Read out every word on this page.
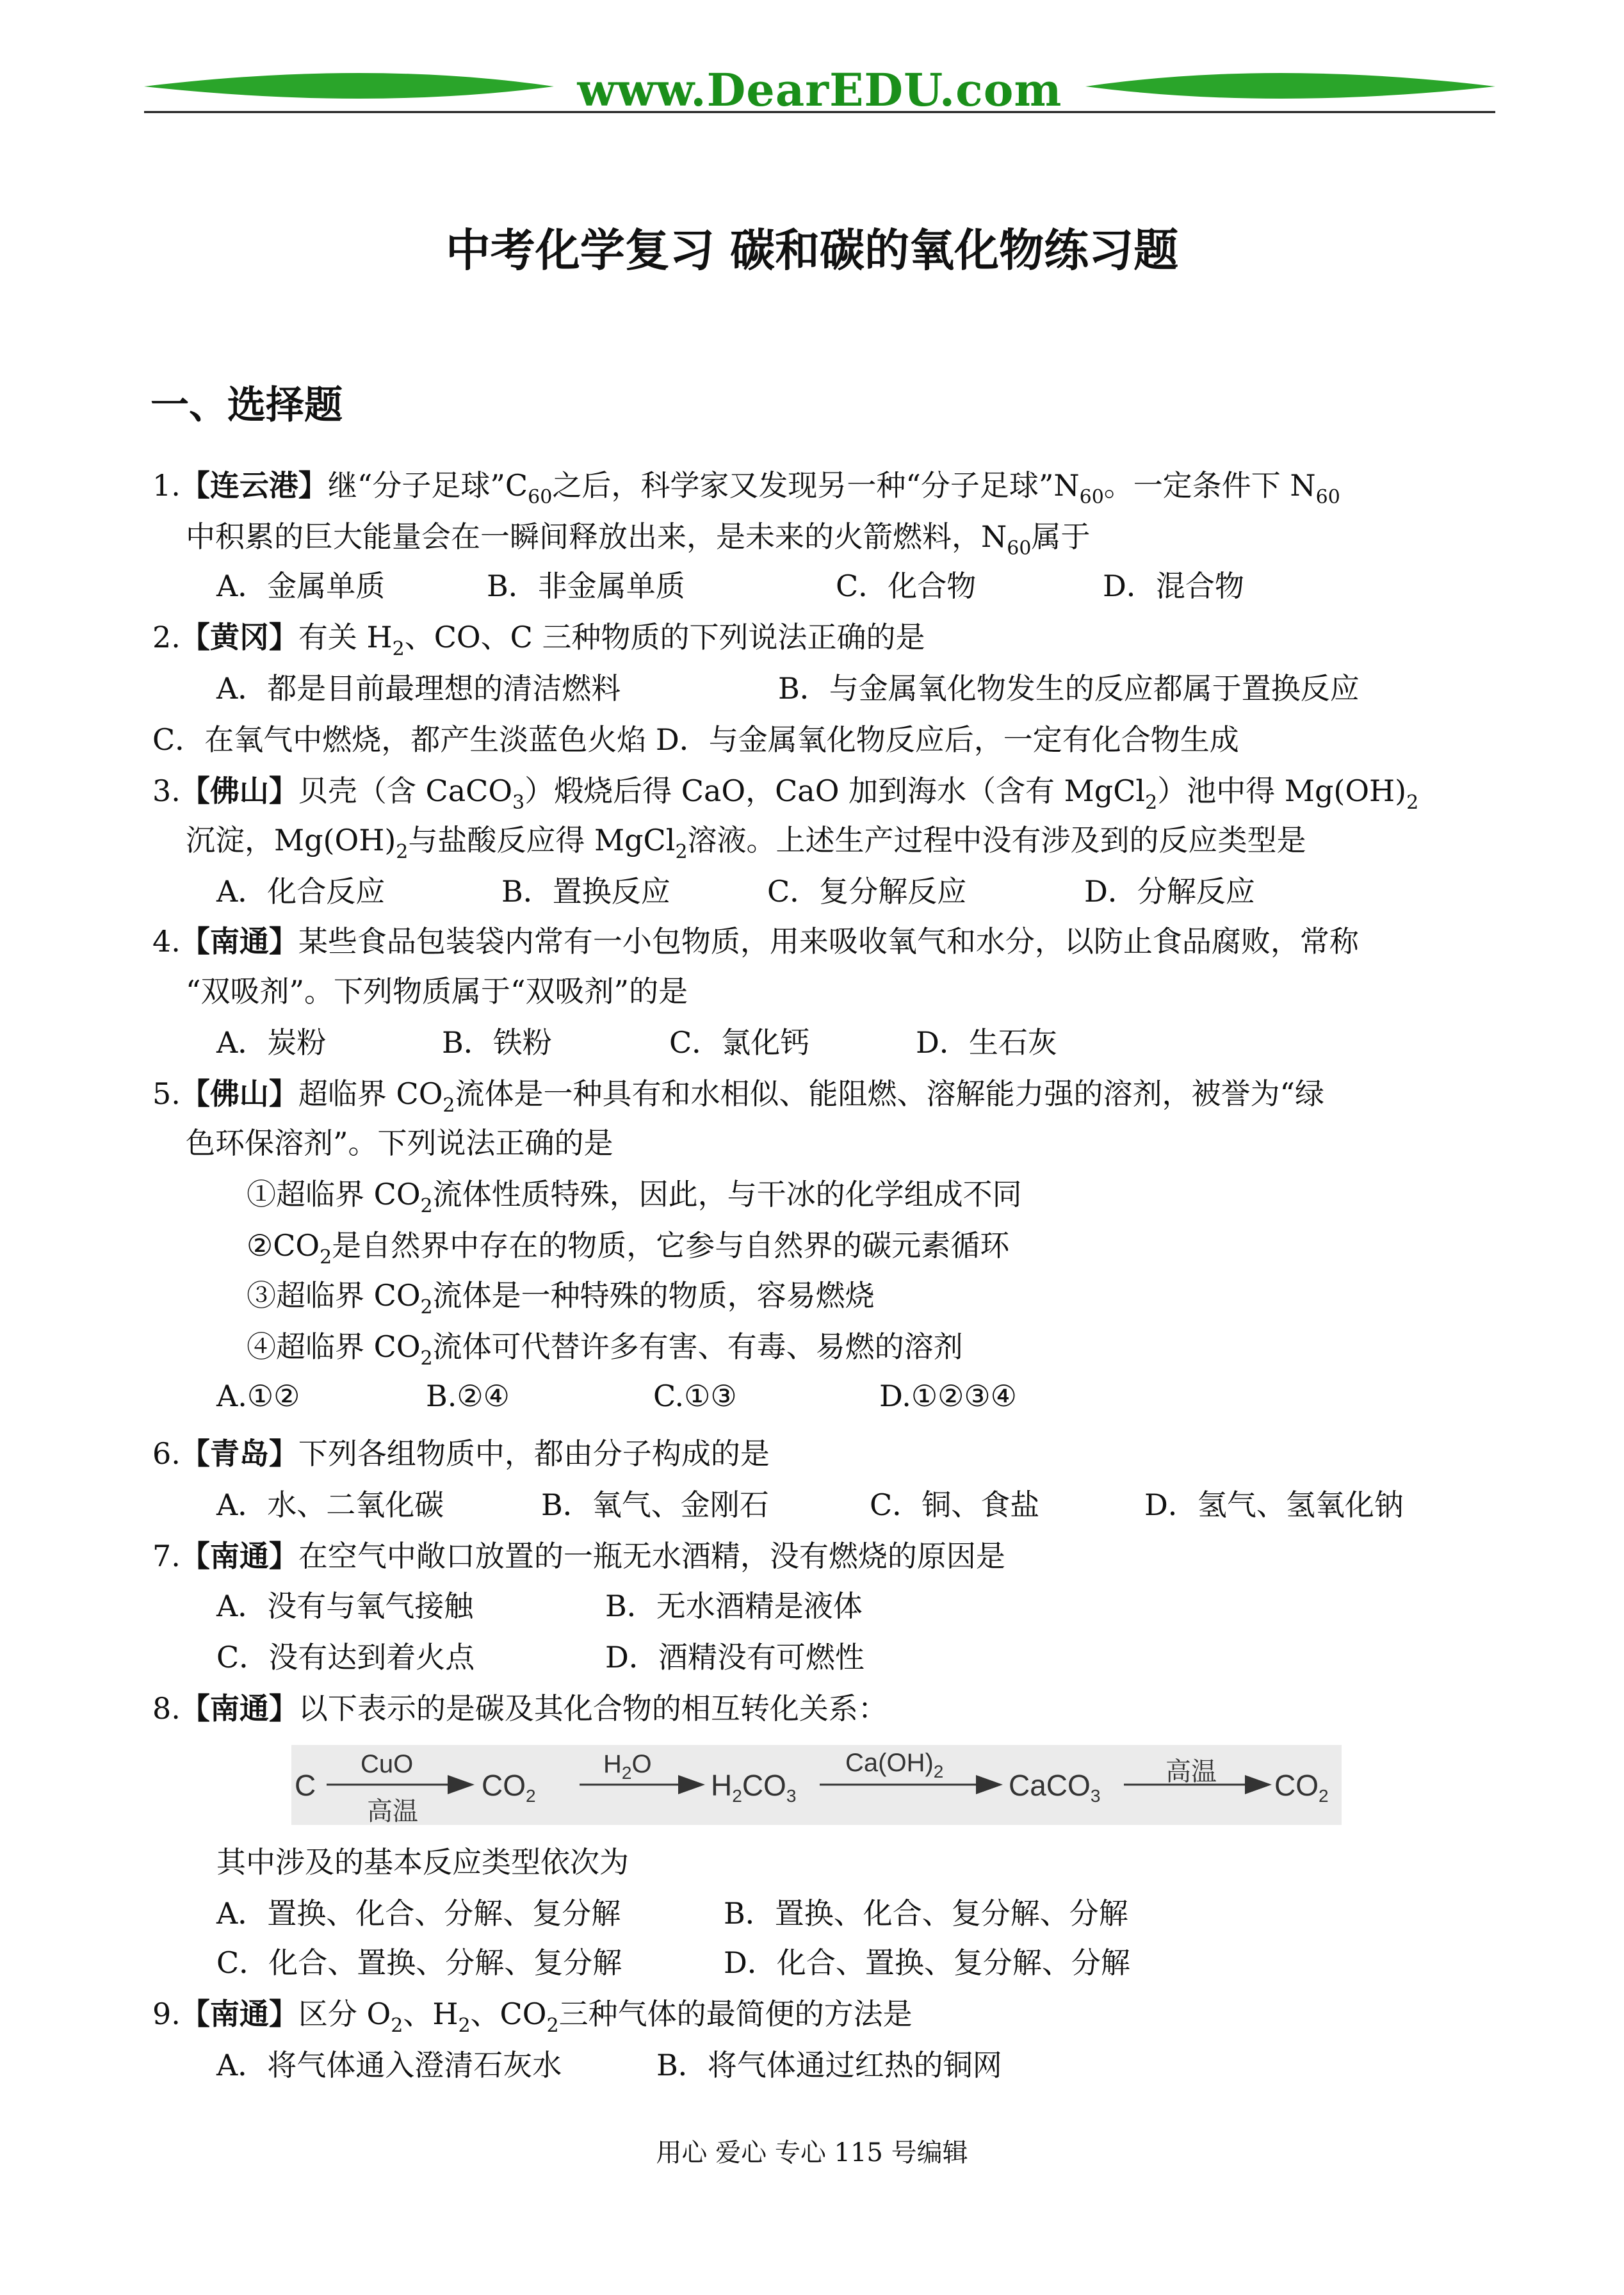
www.DearEDU.com
中考化学复习 碳和碳的氧化物练习题
一、选择题
1.【连云港】继“分子足球$”C_{60}$之后，科学家又发现另一种“分子足球$”N_{60}$。一定条件下 $N_{60}$
中积累的巨大能量会在一瞬间释放出来，是未来的火箭燃料，$N_{60}$属于
A．金属单质	B．非金属单质	C．化合物	D．混合物
2.【黄冈】有关 $H_2$、CO、C 三种物质的下列说法正确的是
A．都是目前最理想的清洁燃料	B．与金属氧化物发生的反应都属于置换反应
C．在氧气中燃烧，都产生淡蓝色火焰 D．与金属氧化物反应后，一定有化合物生成
3.【佛山】贝壳（含 CaCO$_3$）煅烧后得 CaO，CaO 加到海水（含有 MgCl$_2$）池中得 $Mg(OH)_2$
沉淀，$Mg(OH)_2$与盐酸反应得 MgCl$_2$溶液。上述生产过程中没有涉及到的反应类型是
A．化合反应	B．置换反应	C．复分解反应	D．分解反应
4.【南通】某些食品包装袋内常有一小包物质，用来吸收氧气和水分，以防止食品腐败，常称
“双吸剂”。下列物质属于“双吸剂”的是
A．炭粉	B．铁粉	C．氯化钙	D．生石灰
5.【佛山】超临界 $CO_2$流体是一种具有和水相似、能阻燃、溶解能力强的溶剂，被誉为“绿
色环保溶剂”。下列说法正确的是
①超临界 $CO_2$流体性质特殊，因此，与干冰的化学组成不同
$②CO_2$是自然界中存在的物质，它参与自然界的碳元素循环
③超临界 $CO_2$流体是一种特殊的物质，容易燃烧
④超临界 $CO_2$流体可代替许多有害、有毒、易燃的溶剂
A.①②	B.②④	C.①③	D.①②③④
6.【青岛】下列各组物质中，都由分子构成的是
A．水、二氧化碳	B．氧气、金刚石	C．铜、食盐	D．氢气、氢氧化钠
7.【南通】在空气中敞口放置的一瓶无水酒精，没有燃烧的原因是
A．没有与氧气接触	B．无水酒精是液体
C．没有达到着火点	D．酒精没有可燃性
8.【南通】以下表示的是碳及其化合物的相互转化关系：
C
CuO
高温
$CO_2$
$H_2O$
$H_2CO_3$
$Ca(OH)_2$ CaCO$_3$
高温 $CO_2$
其中涉及的基本反应类型依次为
A．置换、化合、分解、复分解	B．置换、化合、复分解、分解
C．化合、置换、分解、复分解	D．化合、置换、复分解、分解
9.【南通】区分 $O_2$、$H_2$、$CO_2$三种气体的最简便的方法是
A．将气体通入澄清石灰水	B．将气体通过红热的铜网
用心 爱心 专心 115 号编辑
